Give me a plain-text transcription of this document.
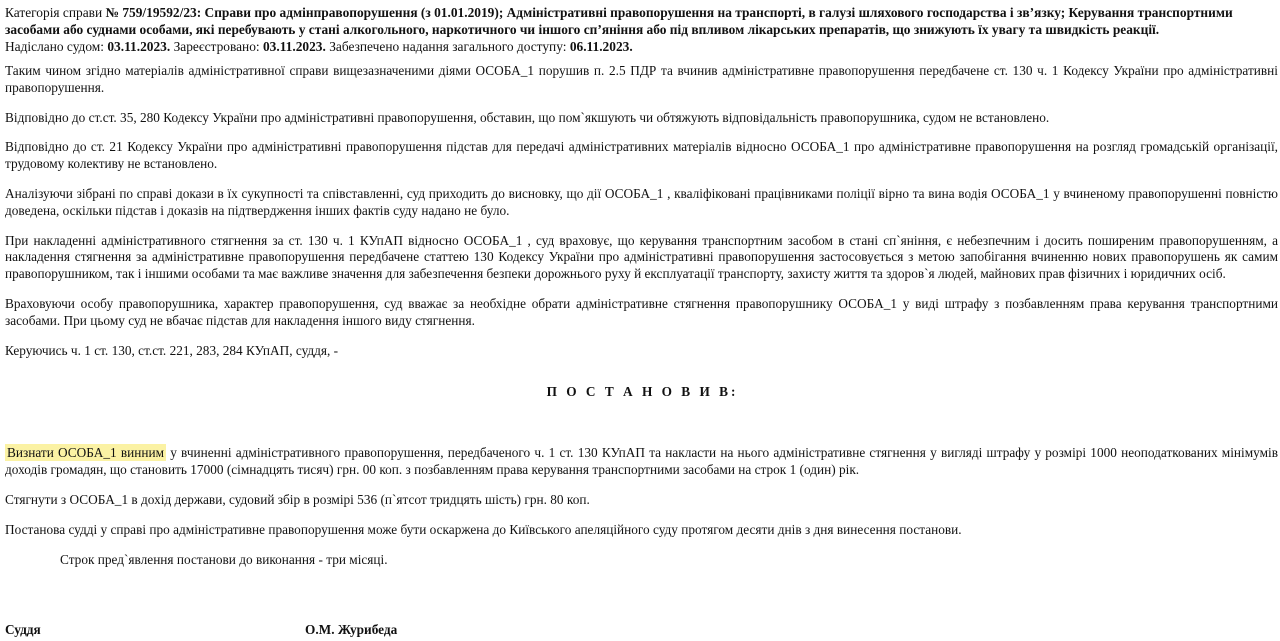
Категорія справи № 759/19592/23: Справи про адмінправопорушення (з 01.01.2019); Адміністративні правопорушення на транспорті, в галузі шляхового господарства і зв’язку; Керування транспортними засобами або суднами особами, які перебувають у стані алкогольного, наркотичного чи іншого сп’яніння або під впливом лікарських препаратів, що знижують їх увагу та швидкість реакції.
Надіслано судом: 03.11.2023. Зареєстровано: 03.11.2023. Забезпечено надання загального доступу: 06.11.2023.

Таким чином згідно матеріалів адміністративної справи вищезазначеними діями ОСОБА_1 порушив п. 2.5 ПДР та вчинив адміністративне правопорушення передбачене ст. 130 ч. 1 Кодексу України про адміністративні правопорушення.

Відповідно до ст.ст. 35, 280 Кодексу України про адміністративні правопорушення, обставин, що пом`якшують чи обтяжують відповідальність правопорушника, судом не встановлено.

Відповідно до ст. 21 Кодексу України про адміністративні правопорушення підстав для передачі адміністративних матеріалів відносно ОСОБА_1 про адміністративне правопорушення на розгляд громадській організації, трудовому колективу не встановлено.

Аналізуючи зібрані по справі докази в їх сукупності та співставленні, суд приходить до висновку, що дії ОСОБА_1 , кваліфіковані працівниками поліції вірно та вина водія ОСОБА_1 у вчиненому правопорушенні повністю доведена, оскільки підстав і доказів на підтвердження інших фактів суду надано не було.

При накладенні адміністративного стягнення за ст. 130 ч. 1 КУпАП відносно ОСОБА_1 , суд враховує, що керування транспортним засобом в стані сп`яніння, є небезпечним і досить поширеним правопорушенням, а накладення стягнення за адміністративне правопорушення передбачене статтею 130 Кодексу України про адміністративні правопорушення застосовується з метою запобігання вчиненню нових правопорушень як самим правопорушником, так і іншими особами та має важливе значення для забезпечення безпеки дорожнього руху й експлуатації транспорту, захисту життя та здоров`я людей, майнових прав фізичних і юридичних осіб.

Враховуючи особу правопорушника, характер правопорушення, суд вважає за необхідне обрати адміністративне стягнення правопорушнику ОСОБА_1 у виді штрафу з позбавленням права керування транспортними засобами. При цьому суд не вбачає підстав для накладення іншого виду стягнення.

Керуючись ч. 1 ст. 130, ст.ст. 221, 283, 284 КУпАП, суддя, -

П О С Т А Н О В И В:

Визнати ОСОБА_1 винним у вчиненні адміністративного правопорушення, передбаченого ч. 1 ст. 130 КУпАП та накласти на нього адміністративне стягнення у вигляді штрафу у розмірі 1000 неоподаткованих мінімумів доходів громадян, що становить 17000 (сімнадцять тисяч) грн. 00 коп. з позбавленням права керування транспортними засобами на строк 1 (один) рік.

Стягнути з ОСОБА_1 в дохід держави, судовий збір в розмірі 536 (п`ятсот тридцять шість) грн. 80 коп.

Постанова судді у справі про адміністративне правопорушення може бути оскаржена до Київського апеляційного суду протягом десяти днів з дня винесення постанови.

Строк пред`явлення постанови до виконання - три місяці.

Суддя	О.М. Журибеда
